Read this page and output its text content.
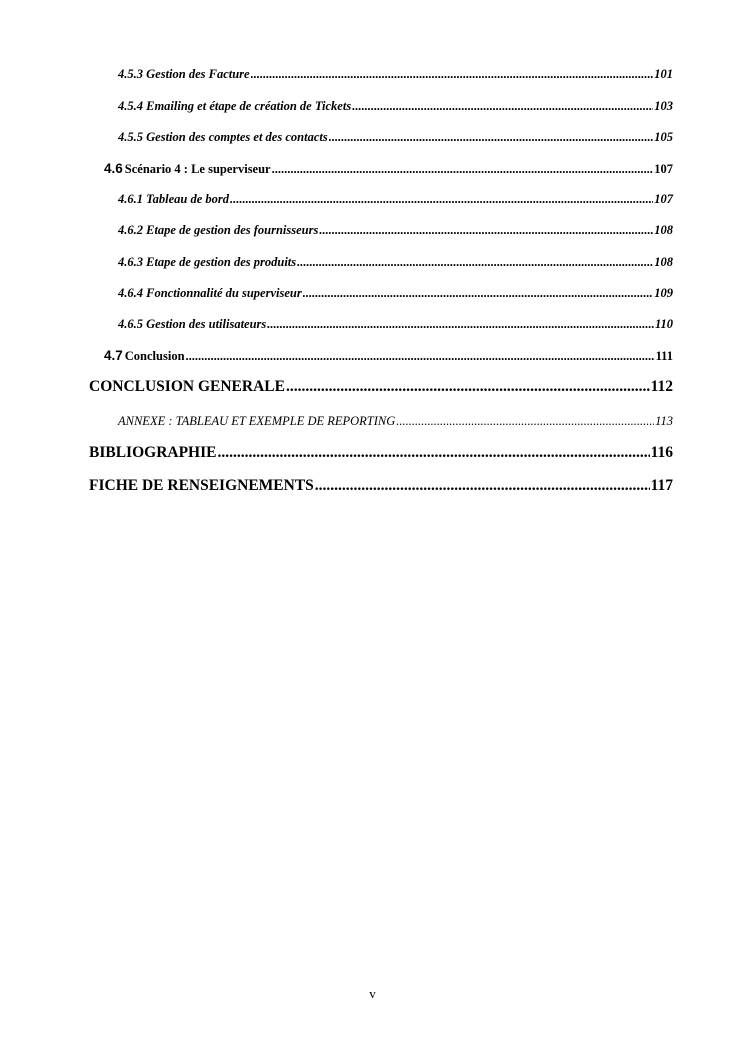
4.5.3 Gestion des Facture .....	101
4.5.4 Emailing et étape de création de Tickets .....	103
4.5.5 Gestion des comptes et des contacts .....	105
4.6 Scénario 4 : Le superviseur .....	107
4.6.1 Tableau de bord .....	107
4.6.2 Etape de gestion des fournisseurs .....	108
4.6.3 Etape de gestion des produits .....	108
4.6.4 Fonctionnalité du superviseur .....	109
4.6.5 Gestion des utilisateurs .....	110
4.7 Conclusion .....	111
CONCLUSION GENERALE .....	112
ANNEXE : TABLEAU ET EXEMPLE DE REPORTING .....	113
BIBLIOGRAPHIE .....	116
FICHE DE RENSEIGNEMENTS .....	117
v
